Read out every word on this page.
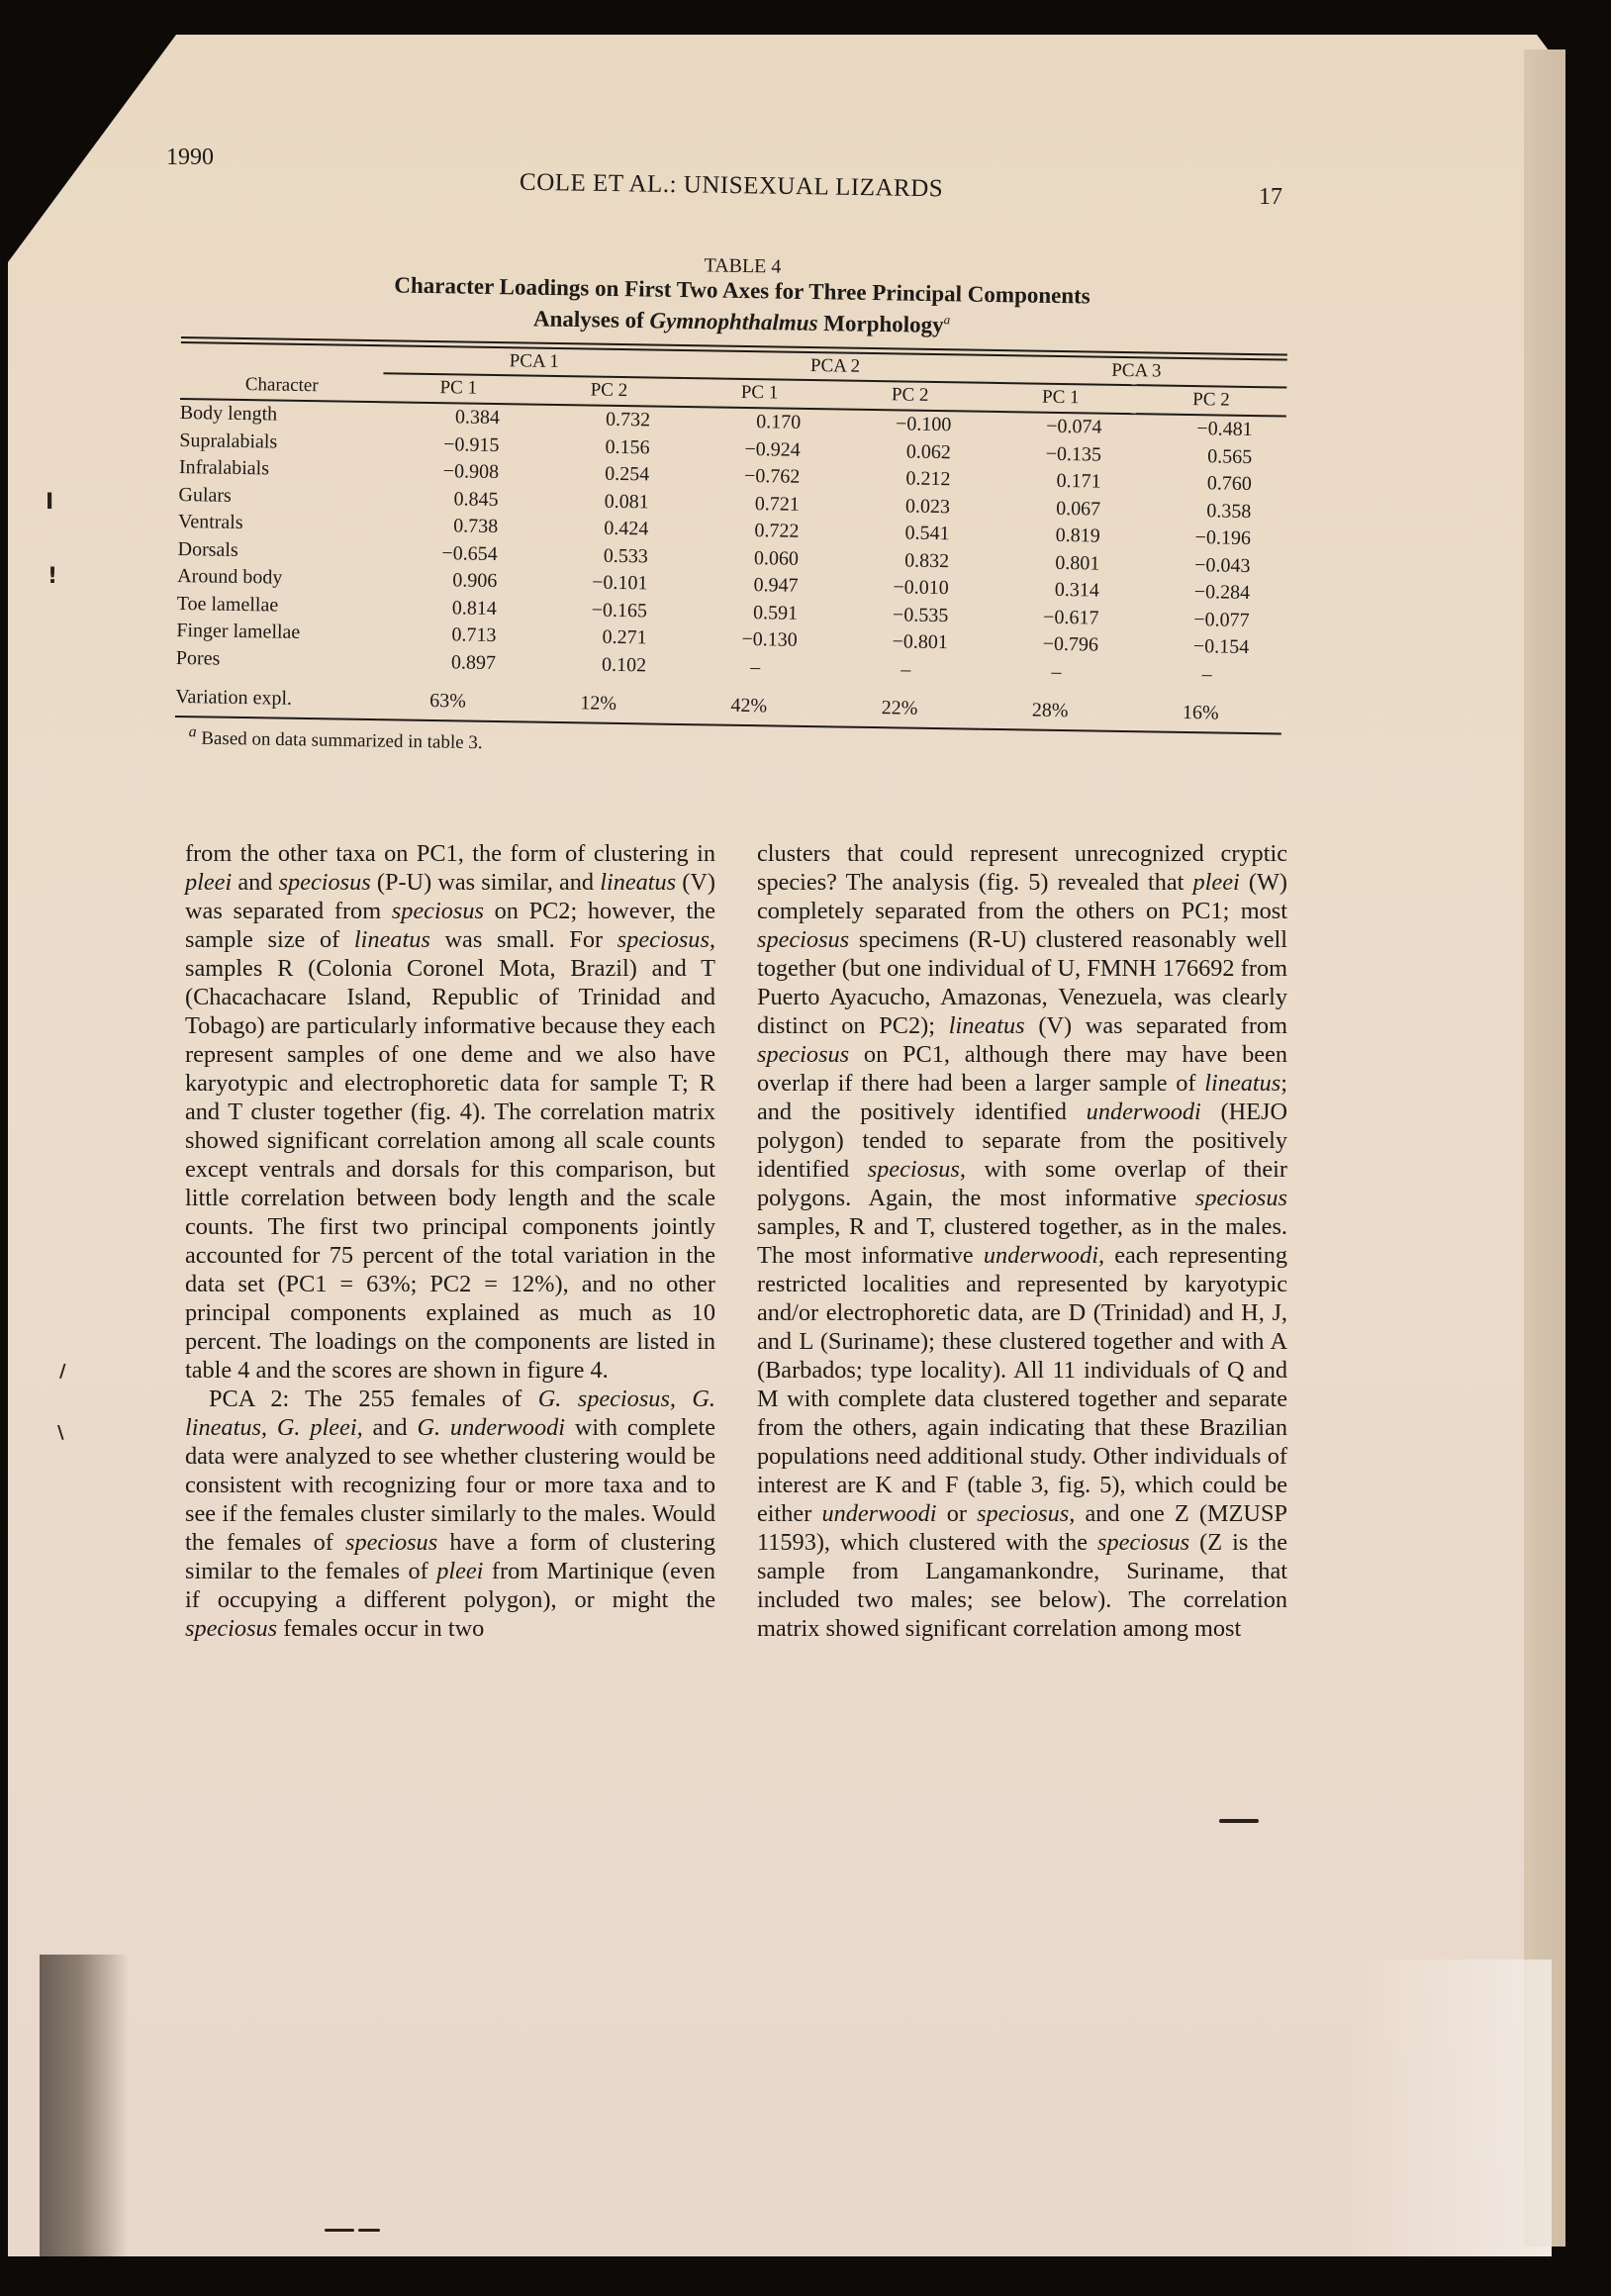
1990
COLE ET AL.: UNISEXUAL LIZARDS	17
TABLE 4
Character Loadings on First Two Axes for Three Principal Components
Analyses of Gymnophthalmus Morphology$^a$
Character	PCA 1		PCA 2		PCA 3	
	PC 1	PC 2	PC 1	PC 2	PC 1	PC 2
Body length	0.384	0.732	0.170	−0.100	−0.074	−0.481
Supralabials	−0.915	0.156	−0.924	0.062	−0.135	0.565
Infralabials	−0.908	0.254	−0.762	0.212	0.171	0.760
Gulars	0.845	0.081	0.721	0.023	0.067	0.358
Ventrals	0.738	0.424	0.722	0.541	0.819	−0.196
Dorsals	−0.654	0.533	0.060	0.832	0.801	−0.043
Around body	0.906	−0.101	0.947	−0.010	0.314	−0.284
Toe lamellae	0.814	−0.165	0.591	−0.535	−0.617	−0.077
Finger lamellae	0.713	0.271	−0.130	−0.801	−0.796	−0.154
Pores	0.897	0.102	–	–	–	–
Variation expl.	63%	12%	42%	22%	28%	16%
$^a$ Based on data summarized in table 3.

from the other taxa on PC1, the form of clustering in pleei and speciosus (P-U) was similar, and lineatus (V) was separated from speciosus on PC2; however, the sample size of lineatus was small. For speciosus, samples R (Colonia Coronel Mota, Brazil) and T (Chacachacare Island, Republic of Trinidad and Tobago) are particularly informative because they each represent samples of one deme and we also have karyotypic and electrophoretic data for sample T; R and T cluster together (fig. 4). The correlation matrix showed significant correlation among all scale counts except ventrals and dorsals for this comparison, but little correlation between body length and the scale counts. The first two principal components jointly accounted for 75 percent of the total variation in the data set (PC1 = 63%; PC2 = 12%), and no other principal components explained as much as 10 percent. The loadings on the components are listed in table 4 and the scores are shown in figure 4.

PCA 2: The 255 females of G. speciosus, G. lineatus, G. pleei, and G. underwoodi with complete data were analyzed to see whether clustering would be consistent with recognizing four or more taxa and to see if the females cluster similarly to the males. Would the females of speciosus have a form of clustering similar to the females of pleei from Martinique (even if occupying a different polygon), or might the speciosus females occur in two

clusters that could represent unrecognized cryptic species? The analysis (fig. 5) revealed that pleei (W) completely separated from the others on PC1; most speciosus specimens (R-U) clustered reasonably well together (but one individual of U, FMNH 176692 from Puerto Ayacucho, Amazonas, Venezuela, was clearly distinct on PC2); lineatus (V) was separated from speciosus on PC1, although there may have been overlap if there had been a larger sample of lineatus; and the positively identified underwoodi (HEJO polygon) tended to separate from the positively identified speciosus, with some overlap of their polygons. Again, the most informative speciosus samples, R and T, clustered together, as in the males. The most informative underwoodi, each representing restricted localities and represented by karyotypic and/or electrophoretic data, are D (Trinidad) and H, J, and L (Suriname); these clustered together and with A (Barbados; type locality). All 11 individuals of Q and M with complete data clustered together and separate from the others, again indicating that these Brazilian populations need additional study. Other individuals of interest are K and F (table 3, fig. 5), which could be either underwoodi or speciosus, and one Z (MZUSP 11593), which clustered with the speciosus (Z is the sample from Langamankondre, Suriname, that included two males; see below). The correlation matrix showed significant correlation among most

I
!
/
\
